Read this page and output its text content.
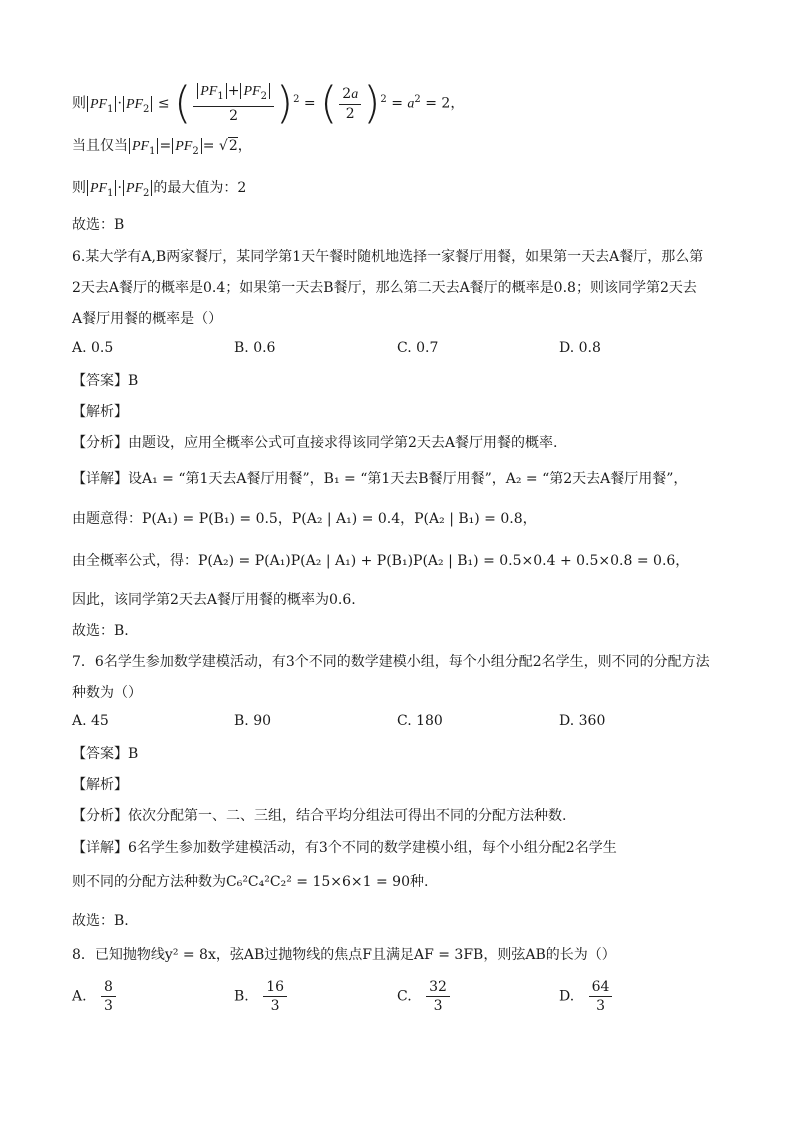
则 $PF_1 \cdot PF_2$ ≤ ( $\frac{PF_1 + PF_2}{2} )^2$ = ( $\frac{2a}{2} )^2 = a^2 = 2$，
当且仅当 $PF_1 = PF_2 = √2$，
则 $PF_1 \cdot PF_2$ 的最大值为：2
故选：B
6.某大学有A,B两家餐厅，某同学第1天午餐时随机地选择一家餐厅用餐，如果第一天去A餐厅，那么第
2天去A餐厅的概率是0.4；如果第一天去B餐厅，那么第二天去A餐厅的概率是0.8；则该同学第2天去
A餐厅用餐的概率是（）
A. 0.5	B. 0.6	C. 0.7	D. 0.8
【答案】B
【解析】
【分析】由题设，应用全概率公式可直接求得该同学第2天去A餐厅用餐的概率.
【详解】设A₁ = “第1天去A餐厅用餐”，B₁ = “第1天去B餐厅用餐”，A₂ = “第2天去A餐厅用餐”，
由题意得：P(A₁) = P(B₁) = 0.5，P(A₂ | A₁) = 0.4，P(A₂ | B₁) = 0.8，
由全概率公式，得：P(A₂) = P(A₁)P(A₂ | A₁) + P(B₁)P(A₂ | B₁) = 0.5×0.4 + 0.5×0.8 = 0.6，
因此，该同学第2天去A餐厅用餐的概率为0.6.
故选：B.
7．6名学生参加数学建模活动，有3个不同的数学建模小组，每个小组分配2名学生，则不同的分配方法
种数为（）
A. 45	B. 90	C. 180	D. 360
【答案】B
【解析】
【分析】依次分配第一、二、三组，结合平均分组法可得出不同的分配方法种数.
【详解】6名学生参加数学建模活动，有3个不同的数学建模小组，每个小组分配2名学生
则不同的分配方法种数为C₆²C₄²C₂² = 15×6×1 = 90种.
故选：B.
8．已知抛物线y² = 8x，弦AB过抛物线的焦点F且满足AF = 3FB，则弦AB的长为（）
A. $\frac{8}{3}$	B. $\frac{16}{3}$	C. $\frac{32}{3}$	D. $\frac{64}{3}$
